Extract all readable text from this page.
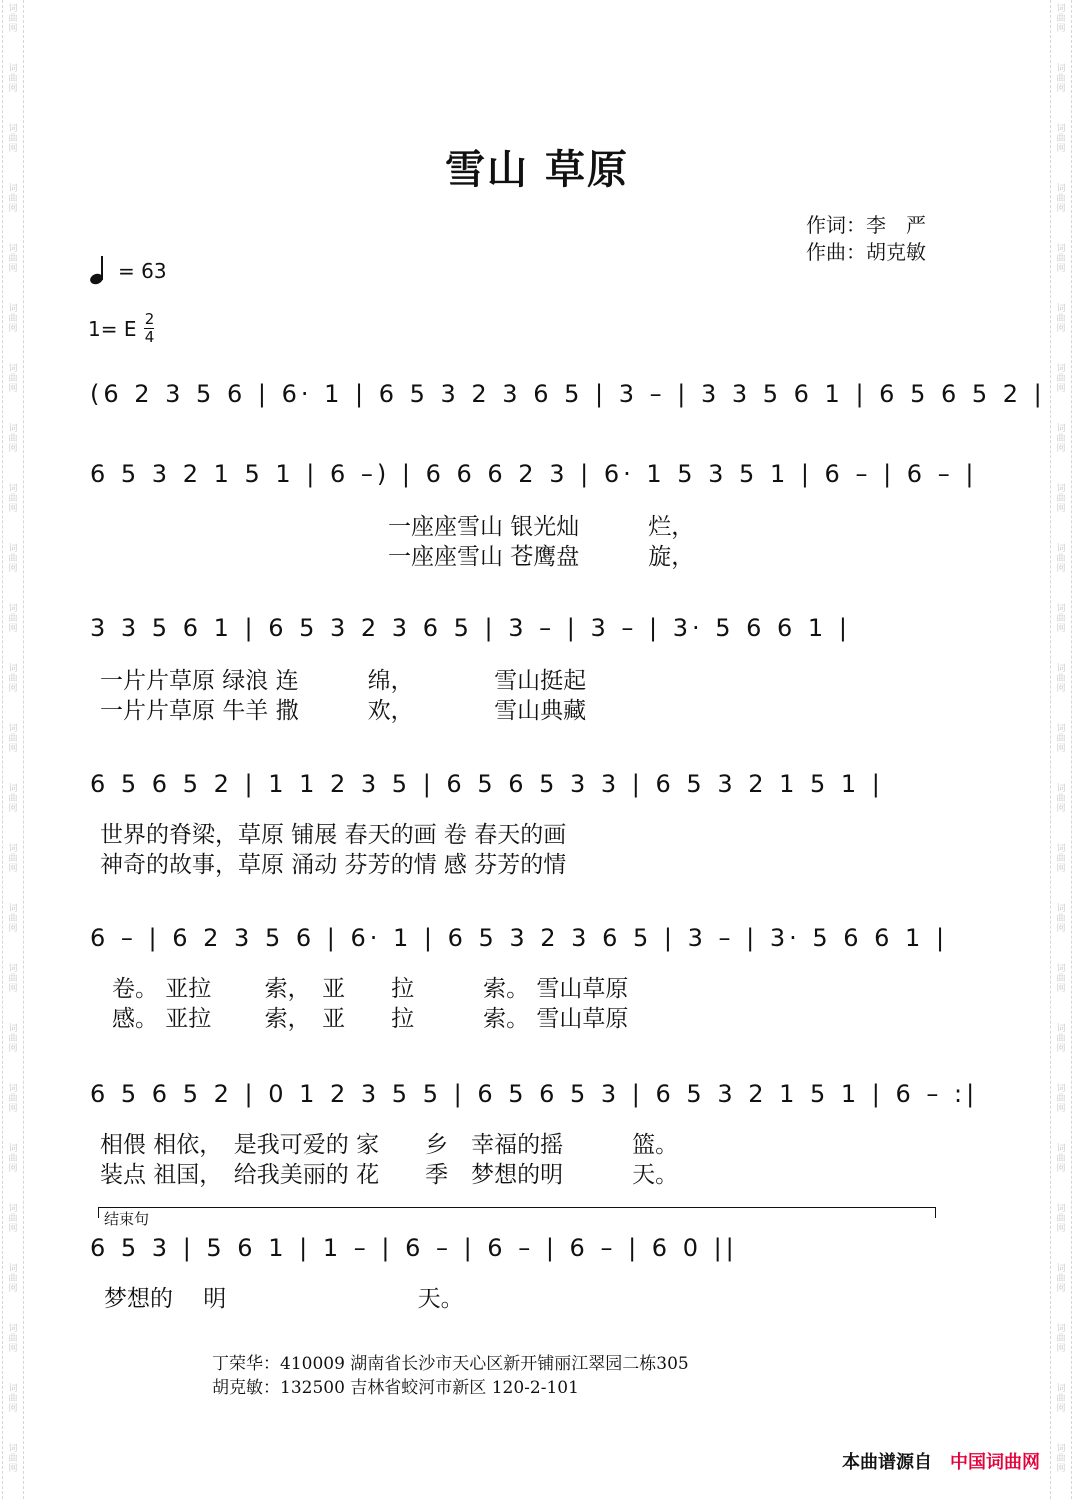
词
曲
网
词
曲
网
词
曲
网
词
曲
网
词
曲
网
词
曲
网
词
曲
网
词
曲
网
词
曲
网
词
曲
网
词
曲
网
词
曲
网
词
曲
网
词
曲
网
词
曲
网
词
曲
网
词
曲
网
词
曲
网
词
曲
网
词
曲
网
词
曲
网
词
曲
网
词
曲
网
词
曲
网
词
曲
网
词
曲
网
词
曲
网
词
曲
网
词
曲
网
词
曲
网
词
曲
网
词
曲
网
词
曲
网
词
曲
网
词
曲
网
词
曲
网
词
曲
网
词
曲
网
词
曲
网
词
曲
网
词
曲
网
词
曲
网
词
曲
网
词
曲
网
词
曲
网
词
曲
网
词
曲
网
词
曲
网
词
曲
网
词
曲
网
雪山 草原
作词：李　严
作曲：胡克敏
= 63
1= E $\frac{2}{4}$
(6 2 3 5 6 | 6· 1 | 6 5 3 2 3 6 5 | 3 – | 3 3 5 6 1 | 6 5 6 5 2 |
6 5 3 2 1 5 1 | 6 –) | 6 6 6 2 3 | 6· 1 5 3 5 1 | 6 – | 6 – |
一座座雪山 银光灿　　　烂，
一座座雪山 苍鹰盘　　　旋，
3 3 5 6 1 | 6 5 3 2 3 6 5 | 3 – | 3 – | 3· 5 6 6 1 |
一片片草原 绿浪 连　　　绵，　　　　雪山挺起
一片片草原 牛羊 撒　　　欢，　　　　雪山典藏
6 5 6 5 2 | 1 1 2 3 5 | 6 5 6 5 3 3 | 6 5 3 2 1 5 1 |
世界的脊梁，草原 铺展 春天的画 卷 春天的画
神奇的故事，草原 涌动 芬芳的情 感 芬芳的情
6 – | 6 2 3 5 6 | 6· 1 | 6 5 3 2 3 6 5 | 3 – | 3· 5 6 6 1 |
卷。 亚拉　　 索，　亚　　拉　　　索。 雪山草原
感。 亚拉　　 索，　亚　　拉　　　索。 雪山草原
6 5 6 5 2 | 0 1 2 3 5 5 | 6 5 6 5 3 | 6 5 3 2 1 5 1 | 6 – :|
相偎 相依，　是我可爱的 家　　乡　幸福的摇　　　篮。
装点 祖国，　给我美丽的 花　　季　梦想的明　　　天。
结束句
6 5 3 | 5 6 1 | 1 – | 6 – | 6 – | 6 – | 6 0 ||
梦想的　 明　　　　　　　　 天。
丁荣华：410009 湖南省长沙市天心区新开铺丽江翠园二栋305
胡克敏：132500 吉林省蛟河市新区 120-2-101
本曲谱源自 中国词曲网
